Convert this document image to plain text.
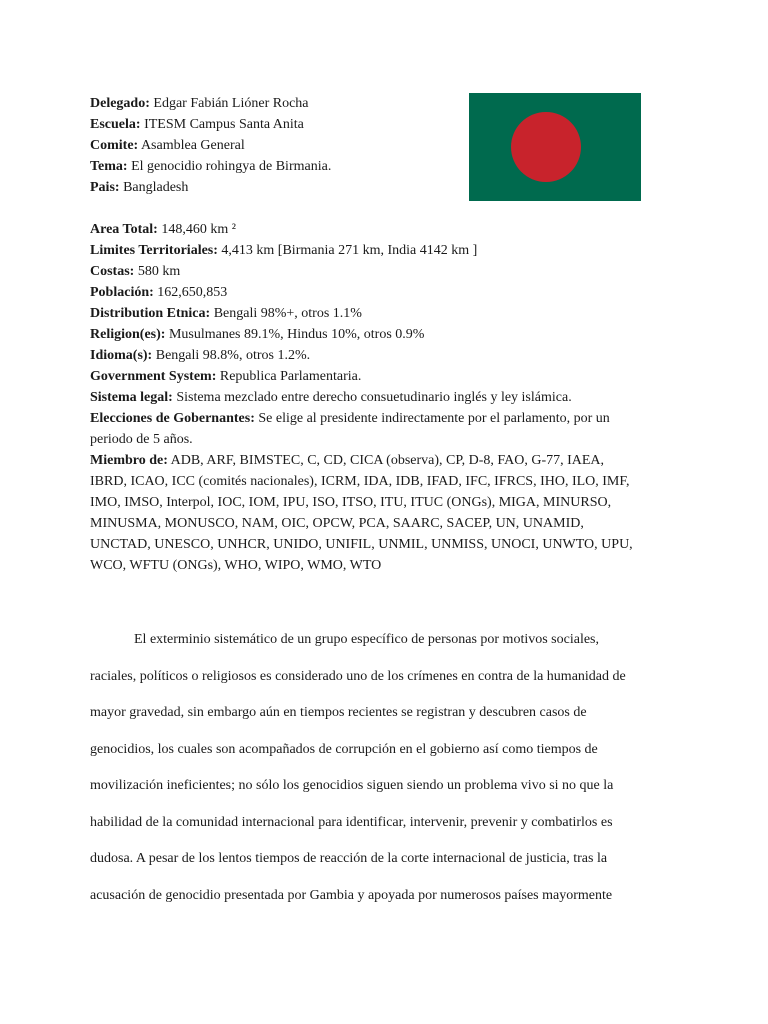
Delegado: Edgar Fabián Lióner Rocha
Escuela: ITESM Campus Santa Anita
Comite: Asamblea General
Tema: El genocidio rohingya de Birmania.
Pais: Bangladesh
Area Total: 148,460 km ²
Limites Territoriales: 4,413 km [Birmania 271 km, India 4142 km ]
Costas: 580 km
Población: 162,650,853
Distribution Etnica: Bengali 98%+, otros 1.1%
Religion(es): Musulmanes 89.1%, Hindus 10%, otros 0.9%
Idioma(s): Bengali 98.8%, otros 1.2%.
Government System: Republica Parlamentaria.
Sistema legal: Sistema mezclado entre derecho consuetudinario inglés y ley islámica.
Elecciones de Gobernantes: Se elige al presidente indirectamente por el parlamento, por un
periodo de 5 años.
Miembro de: ADB, ARF, BIMSTEC, C, CD, CICA (observa), CP, D-8, FAO, G-77, IAEA,
IBRD, ICAO, ICC (comités nacionales), ICRM, IDA, IDB, IFAD, IFC, IFRCS, IHO, ILO, IMF,
IMO, IMSO, Interpol, IOC, IOM, IPU, ISO, ITSO, ITU, ITUC (ONGs), MIGA, MINURSO,
MINUSMA, MONUSCO, NAM, OIC, OPCW, PCA, SAARC, SACEP, UN, UNAMID,
UNCTAD, UNESCO, UNHCR, UNIDO, UNIFIL, UNMIL, UNMISS, UNOCI, UNWTO, UPU,
WCO, WFTU (ONGs), WHO, WIPO, WMO, WTO
El exterminio sistemático de un grupo específico de personas por motivos sociales,
raciales, políticos o religiosos es considerado uno de los crímenes en contra de la humanidad de
mayor gravedad, sin embargo aún en tiempos recientes se registran y descubren casos de
genocidios, los cuales son acompañados de corrupción en el gobierno así como tiempos de
movilización ineficientes; no sólo los genocidios siguen siendo un problema vivo si no que la
habilidad de la comunidad internacional para identificar, intervenir, prevenir y combatirlos es
dudosa. A pesar de los lentos tiempos de reacción de la corte internacional de justicia, tras la
acusación de genocidio presentada por Gambia y apoyada por numerosos países mayormente
